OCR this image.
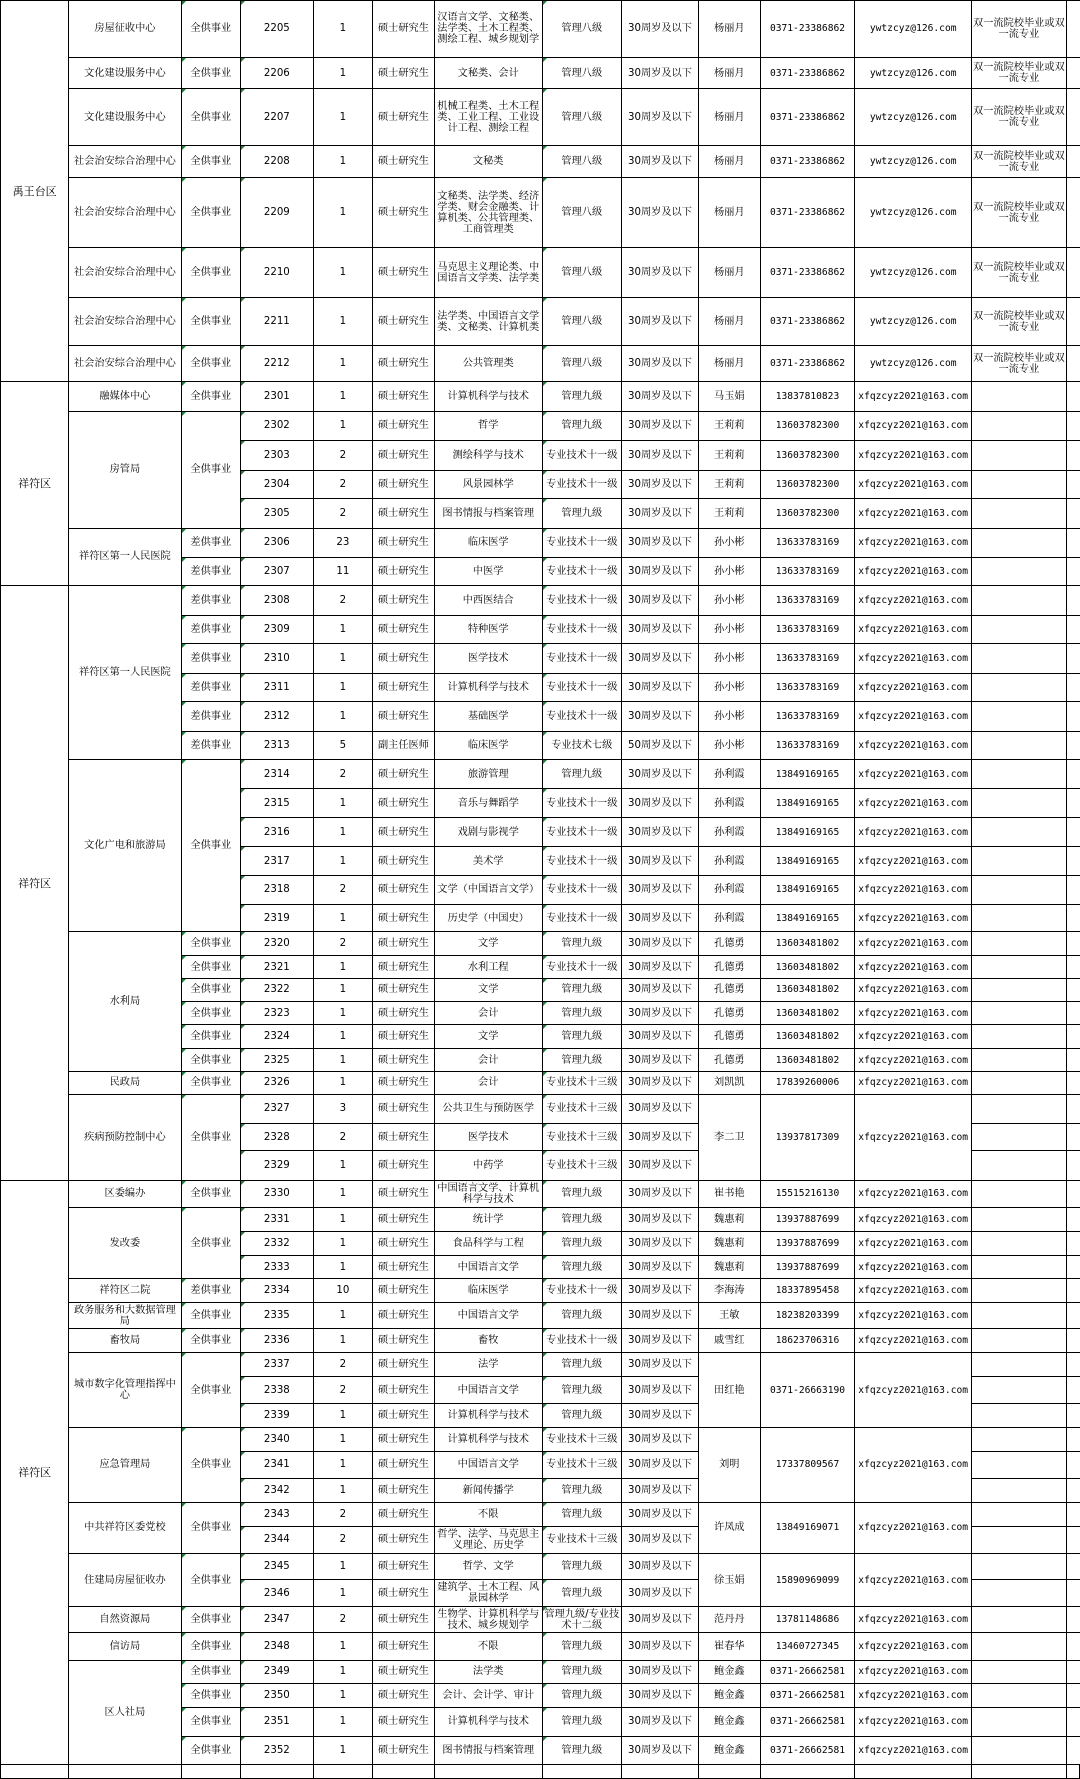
禹王台区	房屋征收中心	全供事业	2205	1	硕士研究生	汉语言文学、文秘类、法学类、土木工程类、测绘工程、城乡规划学	管理八级	30周岁及以下	杨丽月	0371-23386862	ywtzcyz@126.com	双一流院校毕业或双一流专业	
	文化建设服务中心	全供事业	2206	1	硕士研究生	文秘类、会计	管理八级	30周岁及以下	杨丽月	0371-23386862	ywtzcyz@126.com	双一流院校毕业或双一流专业	
	文化建设服务中心	全供事业	2207	1	硕士研究生	机械工程类、土木工程类、工业工程、工业设计工程、测绘工程	管理八级	30周岁及以下	杨丽月	0371-23386862	ywtzcyz@126.com	双一流院校毕业或双一流专业	
	社会治安综合治理中心	全供事业	2208	1	硕士研究生	文秘类	管理八级	30周岁及以下	杨丽月	0371-23386862	ywtzcyz@126.com	双一流院校毕业或双一流专业	
	社会治安综合治理中心	全供事业	2209	1	硕士研究生	文秘类、法学类、经济学类、财会金融类、计算机类、公共管理类、工商管理类	管理八级	30周岁及以下	杨丽月	0371-23386862	ywtzcyz@126.com	双一流院校毕业或双一流专业	
	社会治安综合治理中心	全供事业	2210	1	硕士研究生	马克思主义理论类、中国语言文学类、法学类	管理八级	30周岁及以下	杨丽月	0371-23386862	ywtzcyz@126.com	双一流院校毕业或双一流专业	
	社会治安综合治理中心	全供事业	2211	1	硕士研究生	法学类、中国语言文学类、文秘类、计算机类	管理八级	30周岁及以下	杨丽月	0371-23386862	ywtzcyz@126.com	双一流院校毕业或双一流专业	
	社会治安综合治理中心	全供事业	2212	1	硕士研究生	公共管理类	管理八级	30周岁及以下	杨丽月	0371-23386862	ywtzcyz@126.com	双一流院校毕业或双一流专业	
祥符区	融媒体中心	全供事业	2301	1	硕士研究生	计算机科学与技术	管理九级	30周岁及以下	马玉娟	13837810823	xfqzcyz2021@163.com		
	房管局	全供事业	2302	1	硕士研究生	哲学	管理九级	30周岁及以下	王莉莉	13603782300	xfqzcyz2021@163.com		
			2303	2	硕士研究生	测绘科学与技术	专业技术十一级	30周岁及以下	王莉莉	13603782300	xfqzcyz2021@163.com		
			2304	2	硕士研究生	风景园林学	专业技术十一级	30周岁及以下	王莉莉	13603782300	xfqzcyz2021@163.com		
			2305	2	硕士研究生	图书情报与档案管理	管理九级	30周岁及以下	王莉莉	13603782300	xfqzcyz2021@163.com		
	祥符区第一人民医院	差供事业	2306	23	硕士研究生	临床医学	专业技术十一级	30周岁及以下	孙小彬	13633783169	xfqzcyz2021@163.com		
		差供事业	2307	11	硕士研究生	中医学	专业技术十一级	30周岁及以下	孙小彬	13633783169	xfqzcyz2021@163.com		
祥符区	祥符区第一人民医院	差供事业	2308	2	硕士研究生	中西医结合	专业技术十一级	30周岁及以下	孙小彬	13633783169	xfqzcyz2021@163.com		
		差供事业	2309	1	硕士研究生	特种医学	专业技术十一级	30周岁及以下	孙小彬	13633783169	xfqzcyz2021@163.com		
		差供事业	2310	1	硕士研究生	医学技术	专业技术十一级	30周岁及以下	孙小彬	13633783169	xfqzcyz2021@163.com		
		差供事业	2311	1	硕士研究生	计算机科学与技术	专业技术十一级	30周岁及以下	孙小彬	13633783169	xfqzcyz2021@163.com		
		差供事业	2312	1	硕士研究生	基础医学	专业技术十一级	30周岁及以下	孙小彬	13633783169	xfqzcyz2021@163.com		
		差供事业	2313	5	副主任医师	临床医学	专业技术七级	50周岁及以下	孙小彬	13633783169	xfqzcyz2021@163.com		
	文化广电和旅游局	全供事业	2314	2	硕士研究生	旅游管理	管理九级	30周岁及以下	孙利霞	13849169165	xfqzcyz2021@163.com		
			2315	1	硕士研究生	音乐与舞蹈学	专业技术十一级	30周岁及以下	孙利霞	13849169165	xfqzcyz2021@163.com		
			2316	1	硕士研究生	戏剧与影视学	专业技术十一级	30周岁及以下	孙利霞	13849169165	xfqzcyz2021@163.com		
			2317	1	硕士研究生	美术学	专业技术十一级	30周岁及以下	孙利霞	13849169165	xfqzcyz2021@163.com		
			2318	2	硕士研究生	文学（中国语言文学）	专业技术十一级	30周岁及以下	孙利霞	13849169165	xfqzcyz2021@163.com		
			2319	1	硕士研究生	历史学（中国史）	专业技术十一级	30周岁及以下	孙利霞	13849169165	xfqzcyz2021@163.com		
	水利局	全供事业	2320	2	硕士研究生	文学	管理九级	30周岁及以下	孔德勇	13603481802	xfqzcyz2021@163.com		
		全供事业	2321	1	硕士研究生	水利工程	专业技术十一级	30周岁及以下	孔德勇	13603481802	xfqzcyz2021@163.com		
		全供事业	2322	1	硕士研究生	文学	管理九级	30周岁及以下	孔德勇	13603481802	xfqzcyz2021@163.com		
		全供事业	2323	1	硕士研究生	会计	管理九级	30周岁及以下	孔德勇	13603481802	xfqzcyz2021@163.com		
		全供事业	2324	1	硕士研究生	文学	管理九级	30周岁及以下	孔德勇	13603481802	xfqzcyz2021@163.com		
		全供事业	2325	1	硕士研究生	会计	管理九级	30周岁及以下	孔德勇	13603481802	xfqzcyz2021@163.com		
	民政局	全供事业	2326	1	硕士研究生	会计	专业技术十三级	30周岁及以下	刘凯凯	17839260006	xfqzcyz2021@163.com		
	疾病预防控制中心	全供事业	2327	3	硕士研究生	公共卫生与预防医学	专业技术十三级	30周岁及以下	李二卫	13937817309	xfqzcyz2021@163.com		
			2328	2	硕士研究生	医学技术	专业技术十三级	30周岁及以下					
			2329	1	硕士研究生	中药学	专业技术十三级	30周岁及以下					
祥符区	区委编办	全供事业	2330	1	硕士研究生	中国语言文学、计算机科学与技术	管理九级	30周岁及以下	崔书艳	15515216130	xfqzcyz2021@163.com		
	发改委	全供事业	2331	1	硕士研究生	统计学	管理九级	30周岁及以下	魏惠莉	13937887699	xfqzcyz2021@163.com		
			2332	1	硕士研究生	食品科学与工程	管理九级	30周岁及以下	魏惠莉	13937887699	xfqzcyz2021@163.com		
			2333	1	硕士研究生	中国语言文学	管理九级	30周岁及以下	魏惠莉	13937887699	xfqzcyz2021@163.com		
	祥符区二院	差供事业	2334	10	硕士研究生	临床医学	专业技术十一级	30周岁及以下	李海涛	18337895458	xfqzcyz2021@163.com		
	政务服务和大数据管理局	全供事业	2335	1	硕士研究生	中国语言文学	管理九级	30周岁及以下	王敏	18238203399	xfqzcyz2021@163.com		
	畜牧局	全供事业	2336	1	硕士研究生	畜牧	专业技术十一级	30周岁及以下	戚雪红	18623706316	xfqzcyz2021@163.com		
	城市数字化管理指挥中心	全供事业	2337	2	硕士研究生	法学	管理九级	30周岁及以下	田红艳	0371-26663190	xfqzcyz2021@163.com		
			2338	2	硕士研究生	中国语言文学	管理九级	30周岁及以下					
			2339	1	硕士研究生	计算机科学与技术	管理九级	30周岁及以下					
	应急管理局	全供事业	2340	1	硕士研究生	计算机科学与技术	专业技术十三级	30周岁及以下	刘明	17337809567	xfqzcyz2021@163.com		
			2341	1	硕士研究生	中国语言文学	专业技术十三级	30周岁及以下					
			2342	1	硕士研究生	新闻传播学	管理九级	30周岁及以下					
	中共祥符区委党校	全供事业	2343	2	硕士研究生	不限	管理九级	30周岁及以下	许凤成	13849169071	xfqzcyz2021@163.com		
			2344	2	硕士研究生	哲学、法学、马克思主义理论、历史学	专业技术十三级	30周岁及以下					
	住建局房屋征收办	全供事业	2345	1	硕士研究生	哲学、文学	管理九级	30周岁及以下	徐玉娟	15890969099	xfqzcyz2021@163.com		
			2346	1	硕士研究生	建筑学、土木工程、风景园林学	管理九级	30周岁及以下					
	自然资源局	全供事业	2347	2	硕士研究生	生物学、计算机科学与技术、城乡规划学	管理九级/专业技术十二级	30周岁及以下	范丹丹	13781148686	xfqzcyz2021@163.com		
	信访局	全供事业	2348	1	硕士研究生	不限	管理九级	30周岁及以下	崔春华	13460727345	xfqzcyz2021@163.com		
	区人社局	全供事业	2349	1	硕士研究生	法学类	管理九级	30周岁及以下	鲍金鑫	0371-26662581	xfqzcyz2021@163.com		
		全供事业	2350	1	硕士研究生	会计、会计学、审计	管理九级	30周岁及以下	鲍金鑫	0371-26662581	xfqzcyz2021@163.com		
		全供事业	2351	1	硕士研究生	计算机科学与技术	管理九级	30周岁及以下	鲍金鑫	0371-26662581	xfqzcyz2021@163.com		
		全供事业	2352	1	硕士研究生	图书情报与档案管理	管理九级	30周岁及以下	鲍金鑫	0371-26662581	xfqzcyz2021@163.com		
